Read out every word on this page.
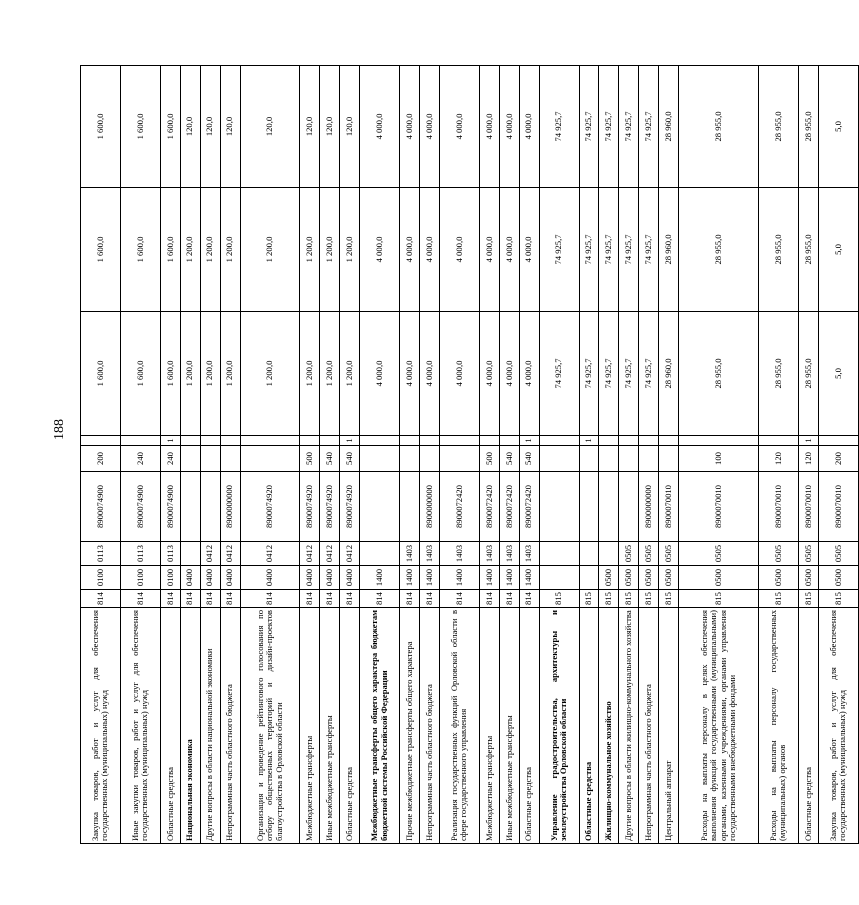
188
Закупка товаров, работ и услуг для обеспечения государственных (муниципальных) нужд	814	0100	0113	8900074900	200		1 600,0	1 600,0	1 600,0
Иные закупки товаров, работ и услуг для обеспечения государственных (муниципальных) нужд	814	0100	0113	8900074900	240		1 600,0	1 600,0	1 600,0
Областные средства	814	0100	0113	8900074900	240	1	1 600,0	1 600,0	1 600,0
Национальная экономика	814	0400					1 200,0	1 200,0	120,0
Другие вопросы в области национальной экономики	814	0400	0412				1 200,0	1 200,0	120,0
Непрограммная часть областного бюджета	814	0400	0412	8900000000			1 200,0	1 200,0	120,0
Организация и проведение рейтингового голосования по отбору общественных территорий и дизайн-проектов благоустройства в Орловской области	814	0400	0412	8900074920			1 200,0	1 200,0	120,0
Межбюджетные трансферты	814	0400	0412	8900074920	500		1 200,0	1 200,0	120,0
Иные межбюджетные трансферты	814	0400	0412	8900074920	540		1 200,0	1 200,0	120,0
Областные средства	814	0400	0412	8900074920	540	1	1 200,0	1 200,0	120,0
Межбюджетные трансферты общего характера бюджетам бюджетной системы Российской Федерации	814	1400					4 000,0	4 000,0	4 000,0
Прочие межбюджетные трансферты общего характера	814	1400	1403				4 000,0	4 000,0	4 000,0
Непрограммная часть областного бюджета	814	1400	1403	8900000000			4 000,0	4 000,0	4 000,0
Реализация государственных функций Орловской области в сфере государственного управления	814	1400	1403	8900072420			4 000,0	4 000,0	4 000,0
Межбюджетные трансферты	814	1400	1403	8900072420	500		4 000,0	4 000,0	4 000,0
Иные межбюджетные трансферты	814	1400	1403	8900072420	540		4 000,0	4 000,0	4 000,0
Областные средства	814	1400	1403	8900072420	540	1	4 000,0	4 000,0	4 000,0
Управление градостроительства, архитектуры и землеустройства Орловской области	815						74 925,7	74 925,7	74 925,7
Областные средства	815					1	74 925,7	74 925,7	74 925,7
Жилищно-коммунальное хозяйство	815	0500					74 925,7	74 925,7	74 925,7
Другие вопросы в области жилищно-коммунального хозяйства	815	0500	0505				74 925,7	74 925,7	74 925,7
Непрограммная часть областного бюджета	815	0500	0505	8900000000			74 925,7	74 925,7	74 925,7
Центральный аппарат	815	0500	0505	8900070010			28 960,0	28 960,0	28 960,0
Расходы на выплаты персоналу в целях обеспечения выполнения функций государственными (муниципальными) органами, казенными учреждениями, органами управления государственными внебюджетными фондами	815	0500	0505	8900070010	100		28 955,0	28 955,0	28 955,0
Расходы на выплаты персоналу государственных (муниципальных) органов	815	0500	0505	8900070010	120		28 955,0	28 955,0	28 955,0
Областные средства	815	0500	0505	8900070010	120	1	28 955,0	28 955,0	28 955,0
Закупка товаров, работ и услуг для обеспечения государственных (муниципальных) нужд	815	0500	0505	8900070010	200		5,0	5,0	5,0
